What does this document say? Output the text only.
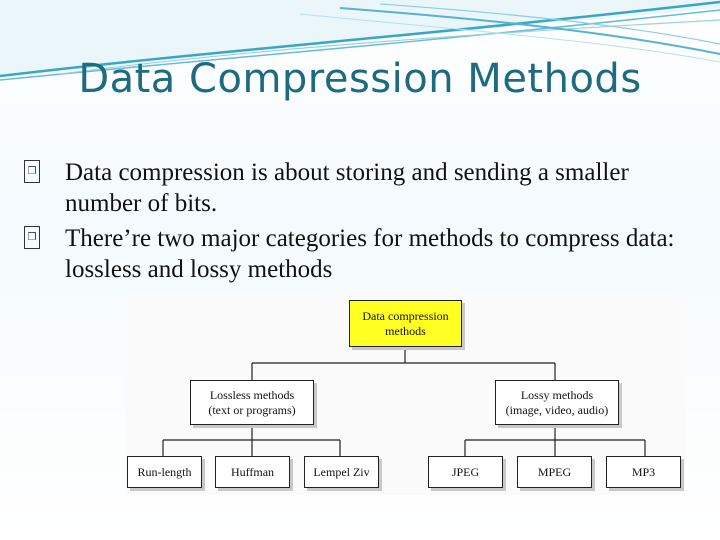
Data Compression Methods
❒ Data compression is about storing and sending a smaller number of bits.
❒ There’re two major categories for methods to compress data: lossless and lossy methods
Data compression
methods
Lossless methods
(text or programs)
Lossy methods
(image, video, audio)
Run-length	Huffman	Lempel Ziv	JPEG	MPEG	MP3
